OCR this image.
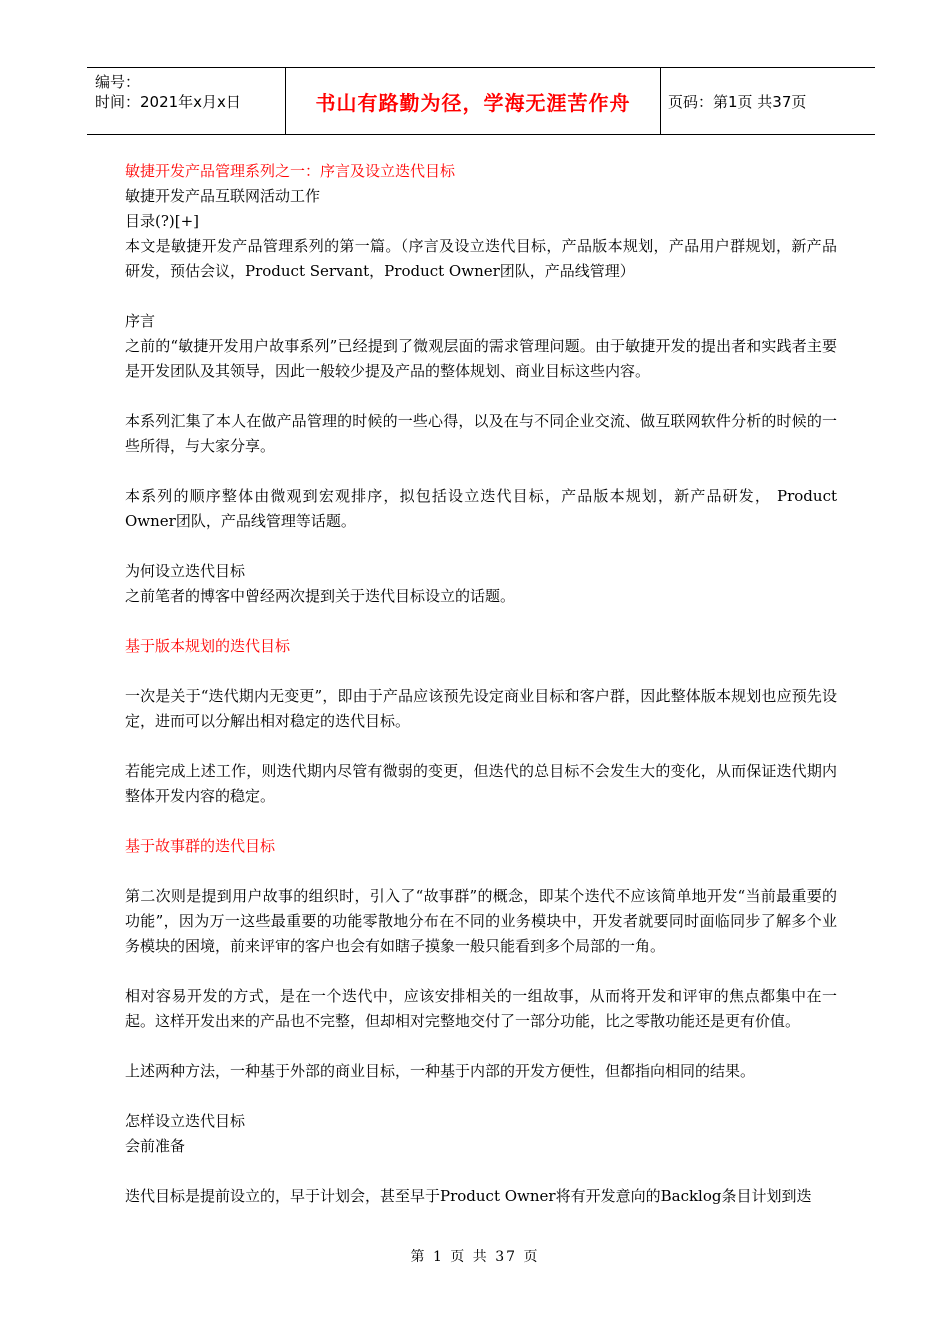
编号：
时间：2021年x月x日	书山有路勤为径，学海无涯苦作舟	页码：第1页 共37页

敏捷开发产品管理系列之一：序言及设立迭代目标

敏捷开发产品互联网活动工作

目录(?)[+]

本文是敏捷开发产品管理系列的第一篇。（序言及设立迭代目标，产品版本规划，产品用户群规划，新产品研发，预估会议，Product Servant，Product Owner团队，产品线管理）

序言

之前的“敏捷开发用户故事系列”已经提到了微观层面的需求管理问题。由于敏捷开发的提出者和实践者主要是开发团队及其领导，因此一般较少提及产品的整体规划、商业目标这些内容。

本系列汇集了本人在做产品管理的时候的一些心得，以及在与不同企业交流、做互联网软件分析的时候的一些所得，与大家分享。

本系列的顺序整体由微观到宏观排序，拟包括设立迭代目标，产品版本规划，新产品研发， Product Owner团队，产品线管理等话题。

为何设立迭代目标

之前笔者的博客中曾经两次提到关于迭代目标设立的话题。

基于版本规划的迭代目标

一次是关于“迭代期内无变更”，即由于产品应该预先设定商业目标和客户群，因此整体版本规划也应预先设定，进而可以分解出相对稳定的迭代目标。

若能完成上述工作，则迭代期内尽管有微弱的变更，但迭代的总目标不会发生大的变化，从而保证迭代期内整体开发内容的稳定。

基于故事群的迭代目标

第二次则是提到用户故事的组织时，引入了“故事群”的概念，即某个迭代不应该简单地开发“当前最重要的功能”，因为万一这些最重要的功能零散地分布在不同的业务模块中，开发者就要同时面临同步了解多个业务模块的困境，前来评审的客户也会有如瞎子摸象一般只能看到多个局部的一角。

相对容易开发的方式，是在一个迭代中，应该安排相关的一组故事，从而将开发和评审的焦点都集中在一起。这样开发出来的产品也不完整，但却相对完整地交付了一部分功能，比之零散功能还是更有价值。

上述两种方法，一种基于外部的商业目标，一种基于内部的开发方便性，但都指向相同的结果。

怎样设立迭代目标

会前准备

迭代目标是提前设立的，早于计划会，甚至早于Product Owner将有开发意向的Backlog条目计划到迭

第 1 页 共 37 页
